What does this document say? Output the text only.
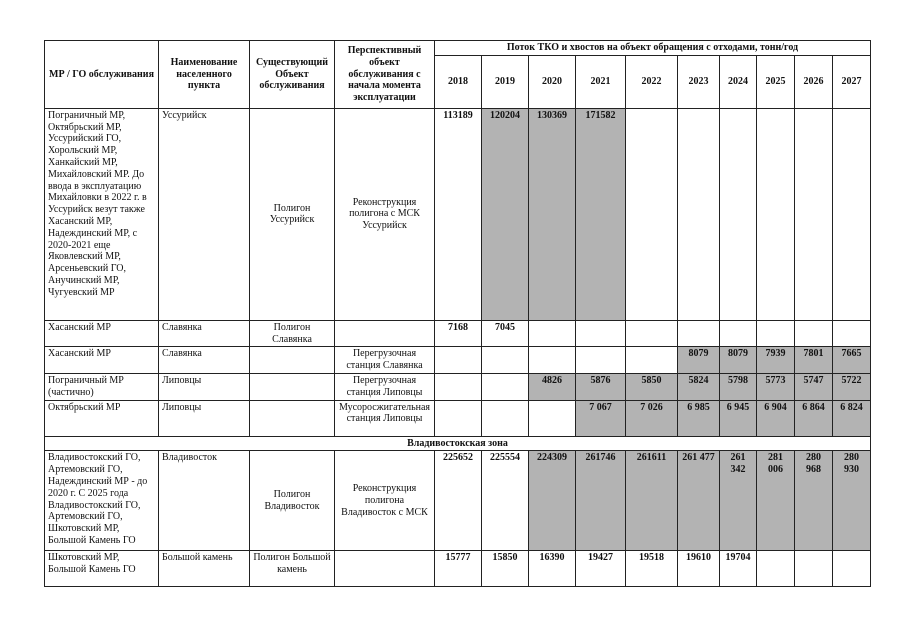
МР / ГО обслуживания	Наименование населенного пункта	Существующий Объект обслуживания	Перспективный объект обслуживания с начала момента эксплуатации	Поток ТКО и хвостов на объект обращения с отходами, тонн/год									
				2018	2019	2020	2021	2022	2023	2024	2025	2026	2027
Пограничный МР, Октябрьский МР, Уссурийский ГО, Хорольский МР, Ханкайский МР, Михайловский МР. До ввода в эксплуатацию Михайловки в 2022 г. в Уссурийск везут также Хасанский МР, Надеждинский МР, с 2020-2021 еще Яковлевский МР, Арсеньевский ГО, Анучинский МР, Чугуевский МР	Уссурийск	Полигон Уссурийск	Реконструкция полигона с МСК Уссурийск	113189	120204	130369	171582						
Хасанский МР	Славянка	Полигон Славянка		7168	7045								
Хасанский МР	Славянка		Перегрузочная станция Славянка						8079	8079	7939	7801	7665
Пограничный МР (частично)	Липовцы		Перегрузочная станция Липовцы			4826	5876	5850	5824	5798	5773	5747	5722
Октябрьский МР	Липовцы		Мусоросжигательная станция Липовцы				7 067	7 026	6 985	6 945	6 904	6 864	6 824
Владивостокская зона													
Владивостокский ГО, Артемовский ГО, Надеждинский МР - до 2020 г. С 2025 года Владивостокский ГО, Артемовский ГО, Шкотовский МР, Большой Камень ГО	Владивосток	Полигон Владивосток	Реконструкция полигона Владивосток с МСК	225652	225554	224309	261746	261611	261 477	261 342	281 006	280 968	280 930
Шкотовский МР, Большой Камень ГО	Большой камень	Полигон Большой камень		15777	15850	16390	19427	19518	19610	19704			
